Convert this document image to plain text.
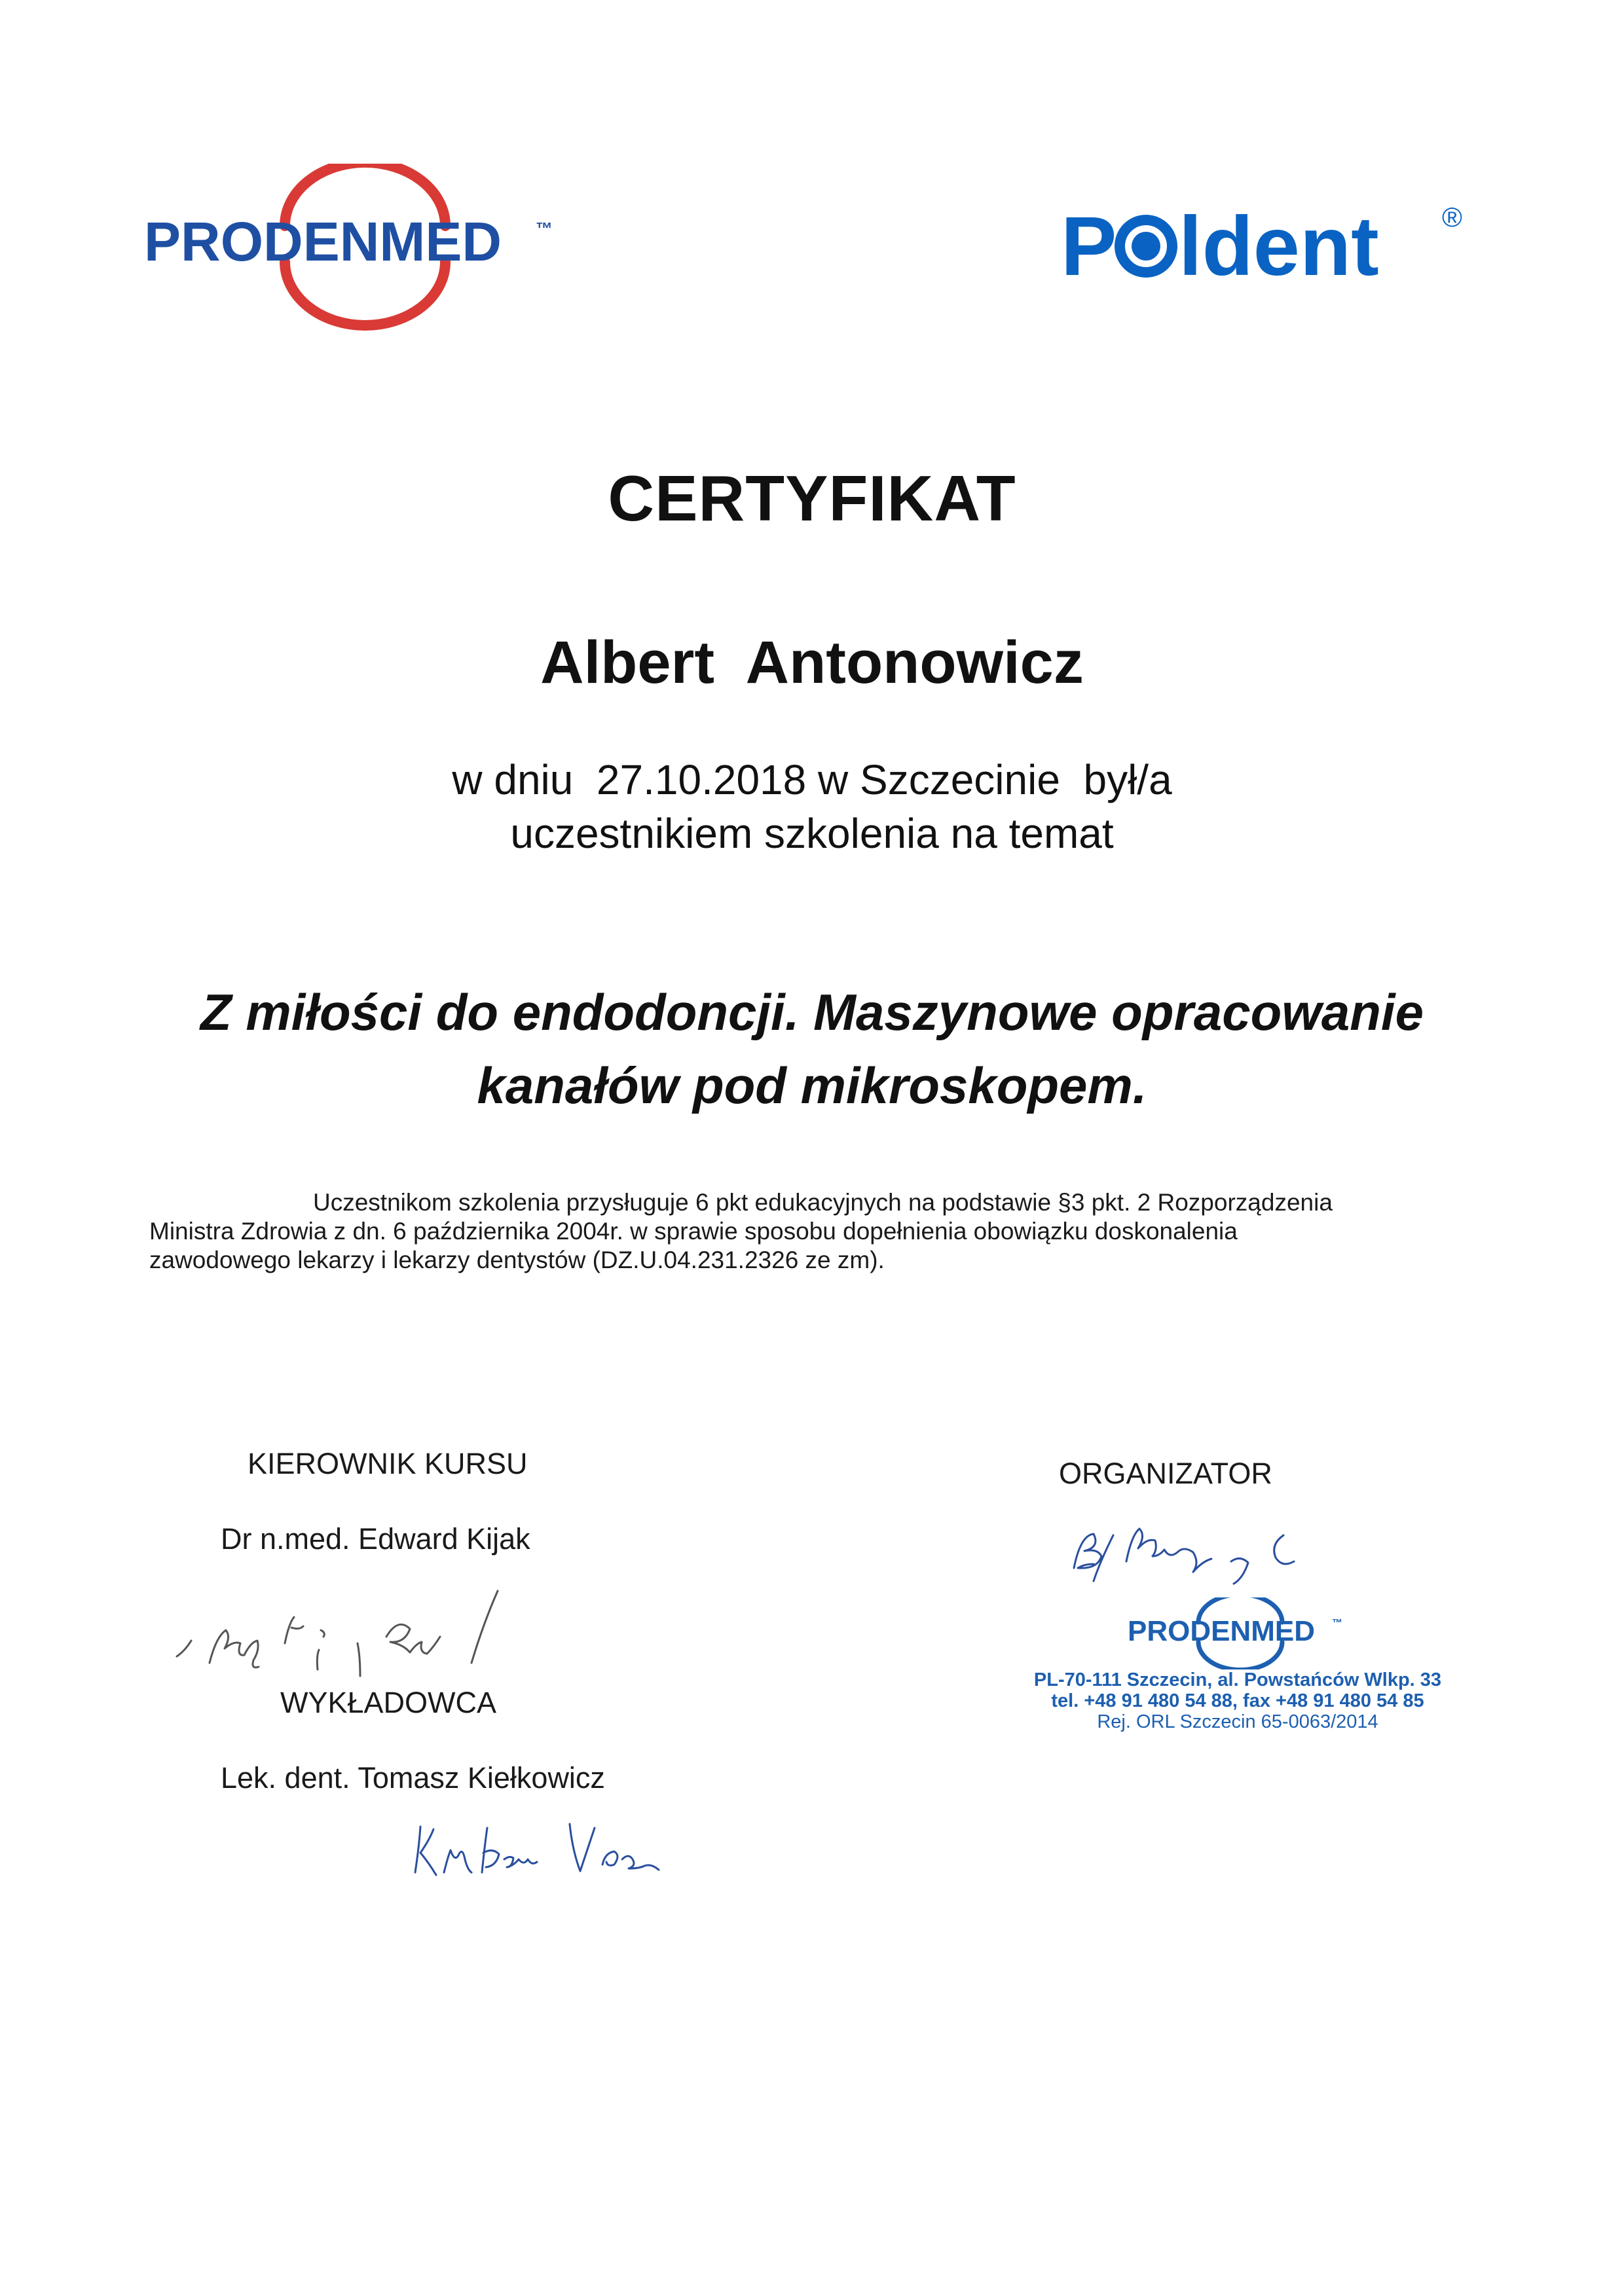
PRODENMED ™	P ldent ®
CERTYFIKAT
Albert  Antonowicz
w dniu  27.10.2018 w Szczecinie  był/a
uczestnikiem szkolenia na temat
Z miłości do endodoncji. Maszynowe opracowanie
kanałów pod mikroskopem.
Uczestnikom szkolenia przysługuje 6 pkt edukacyjnych na podstawie §3 pkt. 2 Rozporządzenia
Ministra Zdrowia z dn. 6 października 2004r. w sprawie sposobu dopełnienia obowiązku doskonalenia
zawodowego lekarzy i lekarzy dentystów (DZ.U.04.231.2326 ze zm).
KIEROWNIK KURSU
Dr n.med. Edward Kijak
WYKŁADOWCA
Lek. dent. Tomasz Kiełkowicz
ORGANIZATOR
PRODENMED ™
PL-70-111 Szczecin, al. Powstańców Wlkp. 33
tel. +48 91 480 54 88, fax +48 91 480 54 85
Rej. ORL Szczecin 65-0063/2014
